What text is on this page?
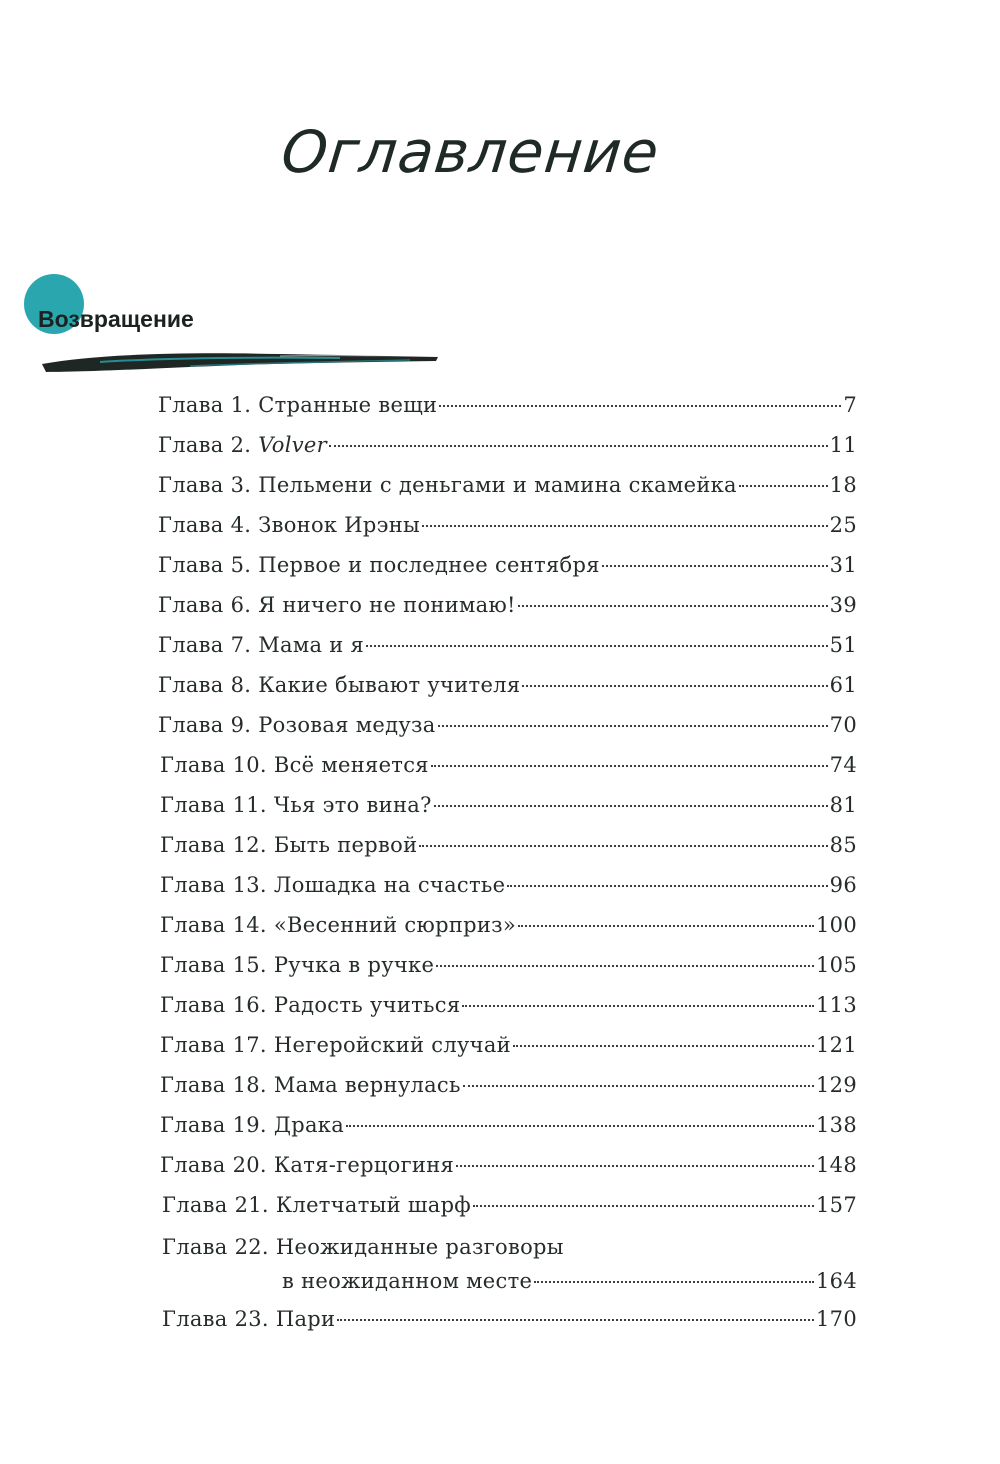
Оглавление
Возвращение
Глава 1. Странные вещи	7
Глава 2. Volver	11
Глава 3. Пельмени с деньгами и мамина скамейка	18
Глава 4. Звонок Ирэны	25
Глава 5. Первое и последнее сентября	31
Глава 6. Я ничего не понимаю!	39
Глава 7. Мама и я	51
Глава 8. Какие бывают учителя	61
Глава 9. Розовая медуза	70
Глава 10. Всё меняется	74
Глава 11. Чья это вина?	81
Глава 12. Быть первой	85
Глава 13. Лошадка на счастье	96
Глава 14. «Весенний сюрприз»	100
Глава 15. Ручка в ручке	105
Глава 16. Радость учиться	113
Глава 17. Негеройский случай	121
Глава 18. Мама вернулась	129
Глава 19. Драка	138
Глава 20. Катя-герцогиня	148
Глава 21. Клетчатый шарф	157
Глава 22. Неожиданные разговоры
в неожиданном месте	164
Глава 23. Пари	170
